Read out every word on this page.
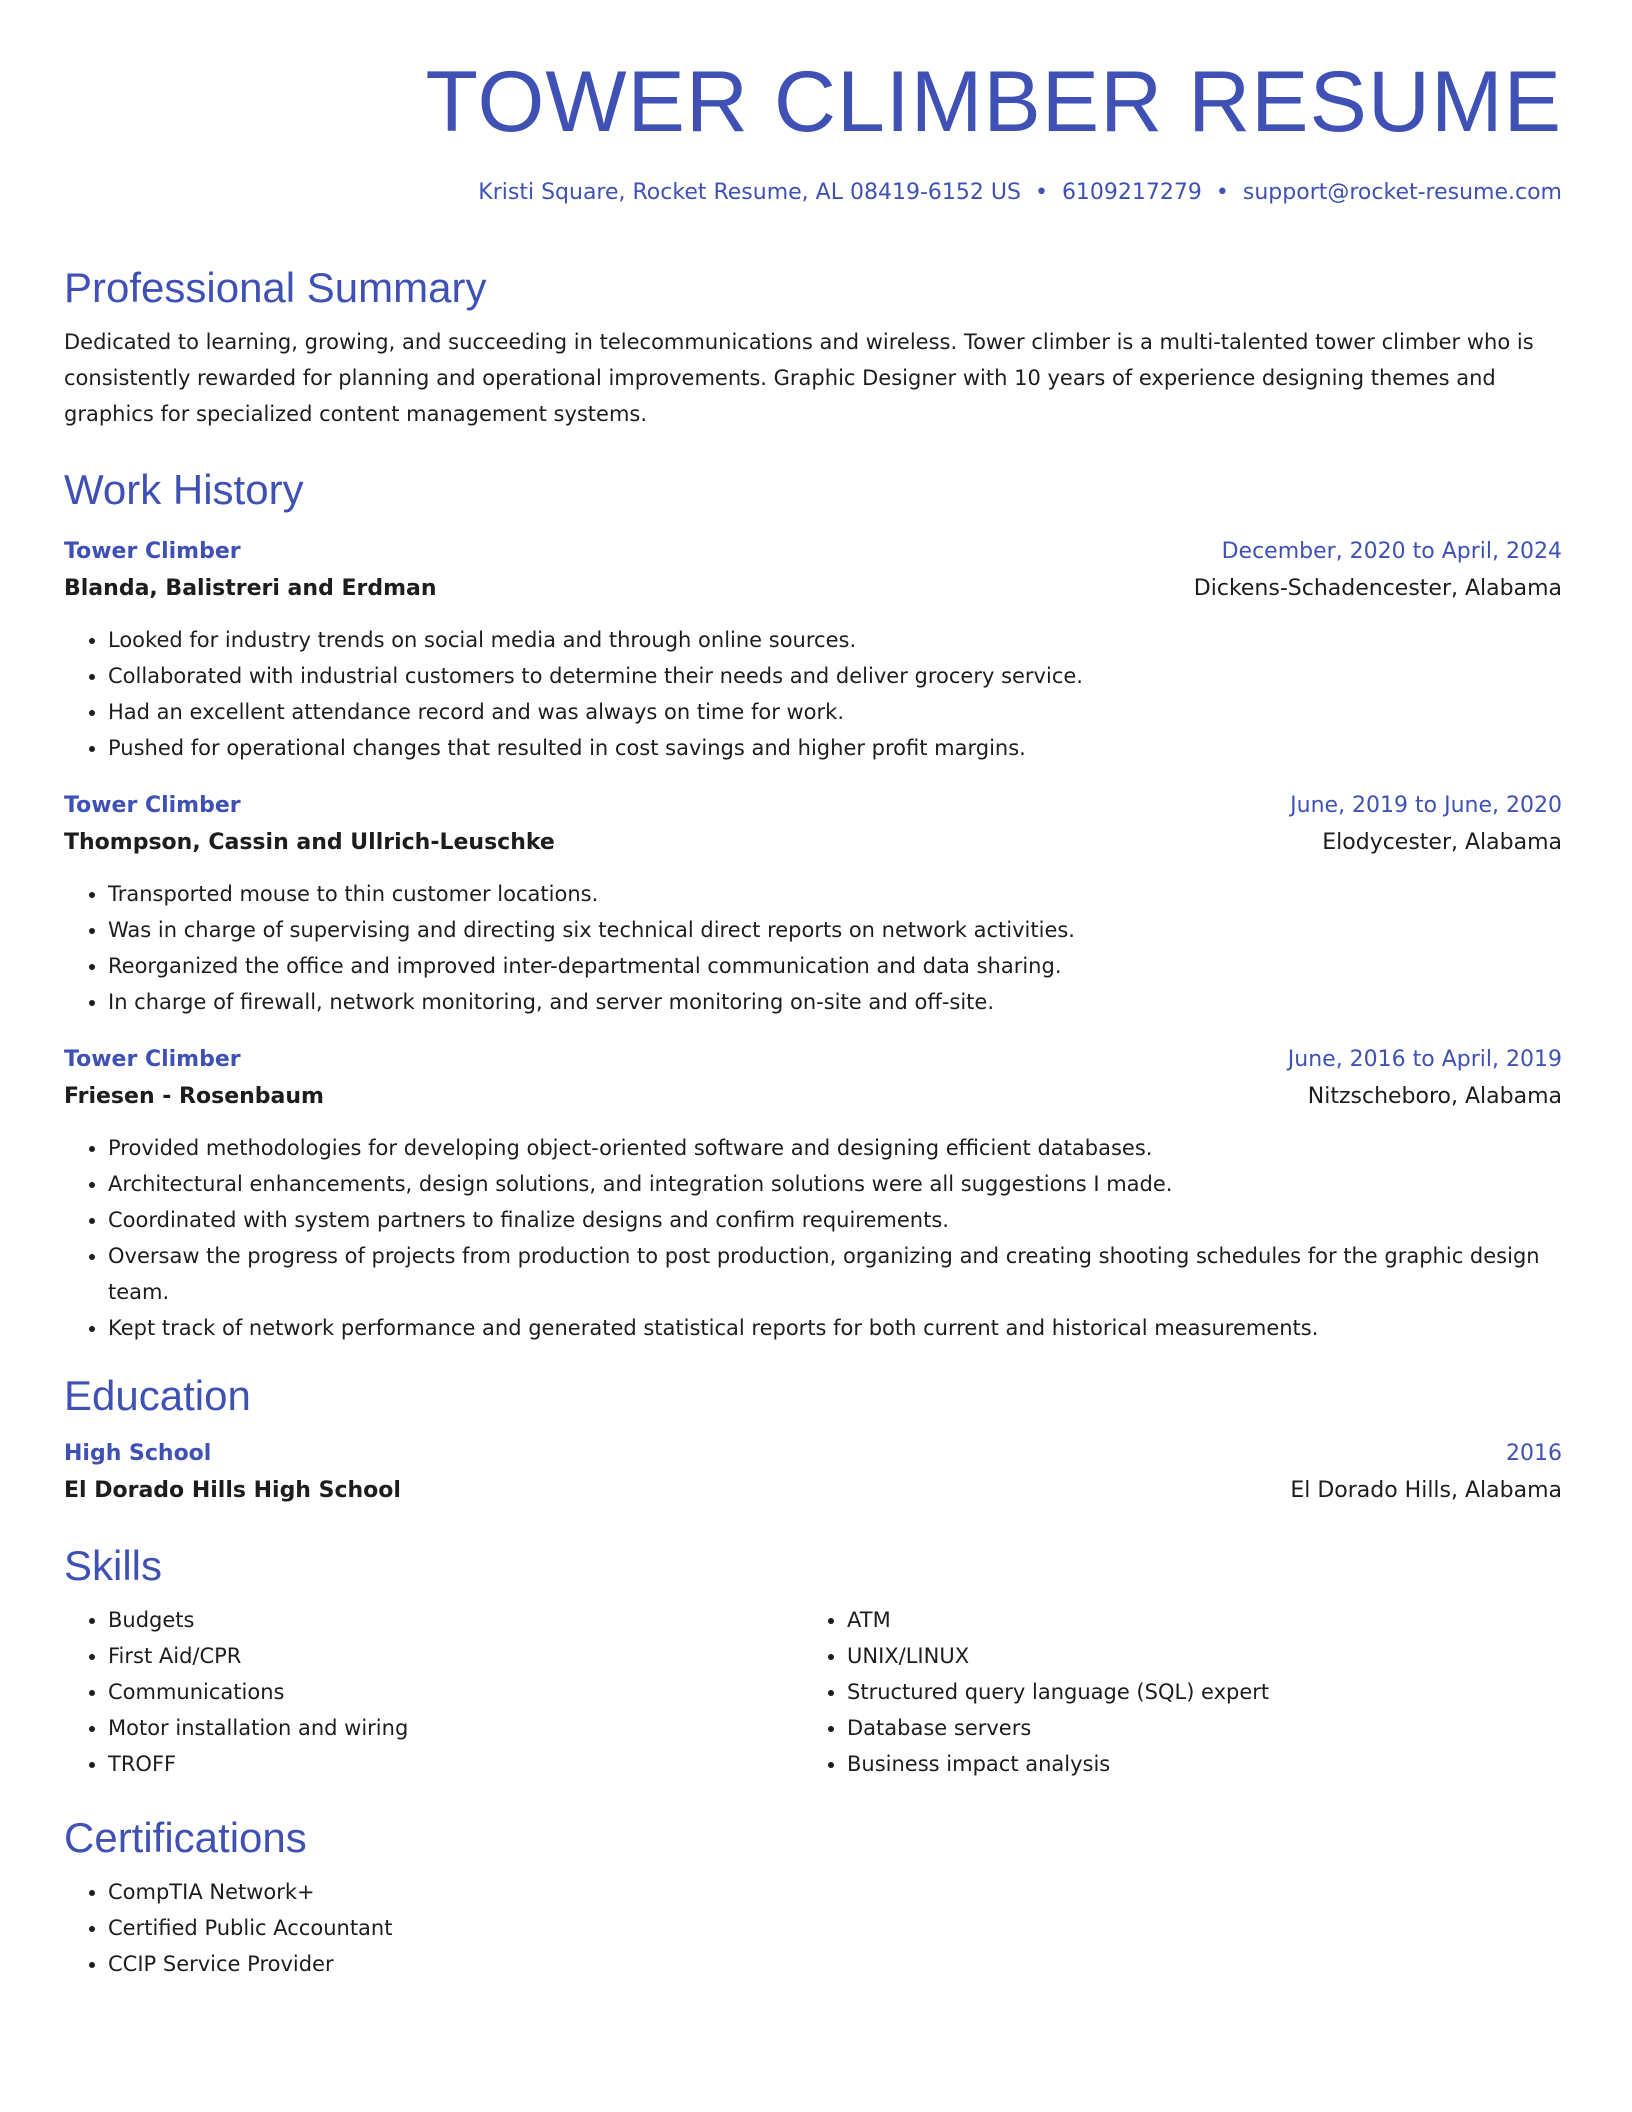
TOWER CLIMBER RESUME
Kristi Square, Rocket Resume, AL 08419-6152 US • 6109217279 • support@rocket-resume.com
Professional Summary

Dedicated to learning, growing, and succeeding in telecommunications and wireless. Tower climber is a multi-talented tower climber who is consistently rewarded for planning and operational improvements. Graphic Designer with 10 years of experience designing themes and graphics for specialized content management systems.

Work History
Tower Climber	December, 2020 to April, 2024
Blanda, Balistreri and Erdman	Dickens-Schadencester, Alabama
• Looked for industry trends on social media and through online sources.
• Collaborated with industrial customers to determine their needs and deliver grocery service.
• Had an excellent attendance record and was always on time for work.
• Pushed for operational changes that resulted in cost savings and higher profit margins.
Tower Climber	June, 2019 to June, 2020
Thompson, Cassin and Ullrich-Leuschke	Elodycester, Alabama
• Transported mouse to thin customer locations.
• Was in charge of supervising and directing six technical direct reports on network activities.
• Reorganized the office and improved inter-departmental communication and data sharing.
• In charge of firewall, network monitoring, and server monitoring on-site and off-site.
Tower Climber	June, 2016 to April, 2019
Friesen - Rosenbaum	Nitzscheboro, Alabama
• Provided methodologies for developing object-oriented software and designing efficient databases.
• Architectural enhancements, design solutions, and integration solutions were all suggestions I made.
• Coordinated with system partners to finalize designs and confirm requirements.
• Oversaw the progress of projects from production to post production, organizing and creating shooting schedules for the graphic design team.
• Kept track of network performance and generated statistical reports for both current and historical measurements.
Education
High School	2016
El Dorado Hills High School	El Dorado Hills, Alabama
Skills
• Budgets
• First Aid/CPR
• Communications
• Motor installation and wiring
• TROFF
• ATM
• UNIX/LINUX
• Structured query language (SQL) expert
• Database servers
• Business impact analysis
Certifications
• CompTIA Network+
• Certified Public Accountant
• CCIP Service Provider
